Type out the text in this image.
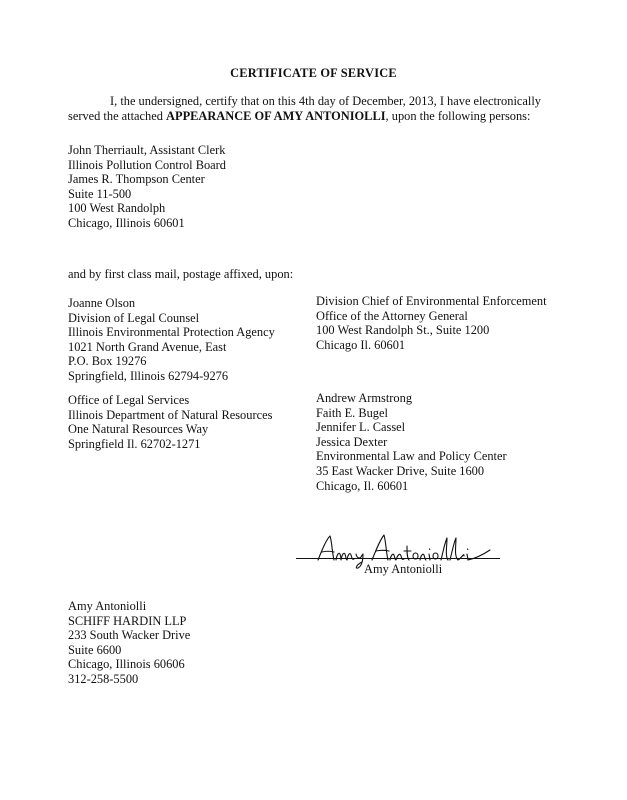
CERTIFICATE OF SERVICE
I, the undersigned, certify that on this 4th day of December, 2013, I have electronically
served the attached APPEARANCE OF AMY ANTONIOLLI, upon the following persons:
John Therriault, Assistant Clerk
Illinois Pollution Control Board
James R. Thompson Center
Suite 11-500
100 West Randolph
Chicago, Illinois 60601
and by first class mail, postage affixed, upon:
Joanne Olson
Division of Legal Counsel
Illinois Environmental Protection Agency
1021 North Grand Avenue, East
P.O. Box 19276
Springfield, Illinois 62794-9276
Division Chief of Environmental Enforcement
Office of the Attorney General
100 West Randolph St., Suite 1200
Chicago Il. 60601
Office of Legal Services
Illinois Department of Natural Resources
One Natural Resources Way
Springfield Il. 62702-1271
Andrew Armstrong
Faith E. Bugel
Jennifer L. Cassel
Jessica Dexter
Environmental Law and Policy Center
35 East Wacker Drive, Suite 1600
Chicago, Il. 60601
Amy Antoniolli
Amy Antoniolli
SCHIFF HARDIN LLP
233 South Wacker Drive
Suite 6600
Chicago, Illinois 60606
312-258-5500
